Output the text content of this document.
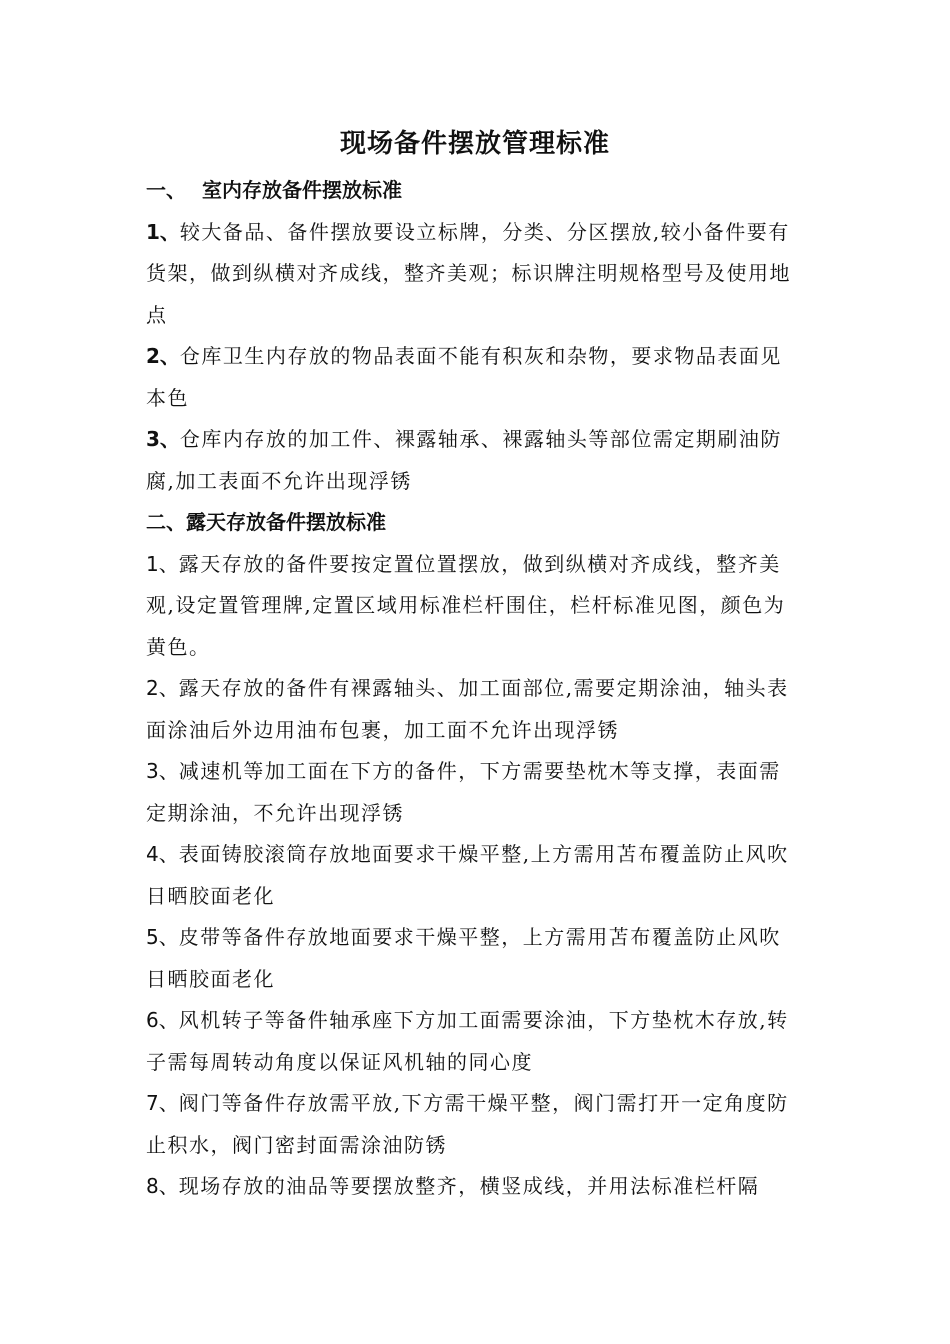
现场备件摆放管理标准
一、 室内存放备件摆放标准
1、较大备品、备件摆放要设立标牌，分类、分区摆放,较小备件要有货架，做到纵横对齐成线，整齐美观；标识牌注明规格型号及使用地点
2、仓库卫生内存放的物品表面不能有积灰和杂物，要求物品表面见本色
3、仓库内存放的加工件、裸露轴承、裸露轴头等部位需定期刷油防腐,加工表面不允许出现浮锈
二、露天存放备件摆放标准
1、露天存放的备件要按定置位置摆放，做到纵横对齐成线，整齐美观,设定置管理牌,定置区域用标准栏杆围住，栏杆标准见图，颜色为黄色。
2、露天存放的备件有裸露轴头、加工面部位,需要定期涂油，轴头表面涂油后外边用油布包裹，加工面不允许出现浮锈
3、减速机等加工面在下方的备件，下方需要垫枕木等支撑，表面需定期涂油，不允许出现浮锈
4、表面铸胶滚筒存放地面要求干燥平整,上方需用苫布覆盖防止风吹日晒胶面老化
5、皮带等备件存放地面要求干燥平整，上方需用苫布覆盖防止风吹日晒胶面老化
6、风机转子等备件轴承座下方加工面需要涂油，下方垫枕木存放,转子需每周转动角度以保证风机轴的同心度
7、阀门等备件存放需平放,下方需干燥平整，阀门需打开一定角度防止积水，阀门密封面需涂油防锈
8、现场存放的油品等要摆放整齐，横竖成线，并用法标准栏杆隔
